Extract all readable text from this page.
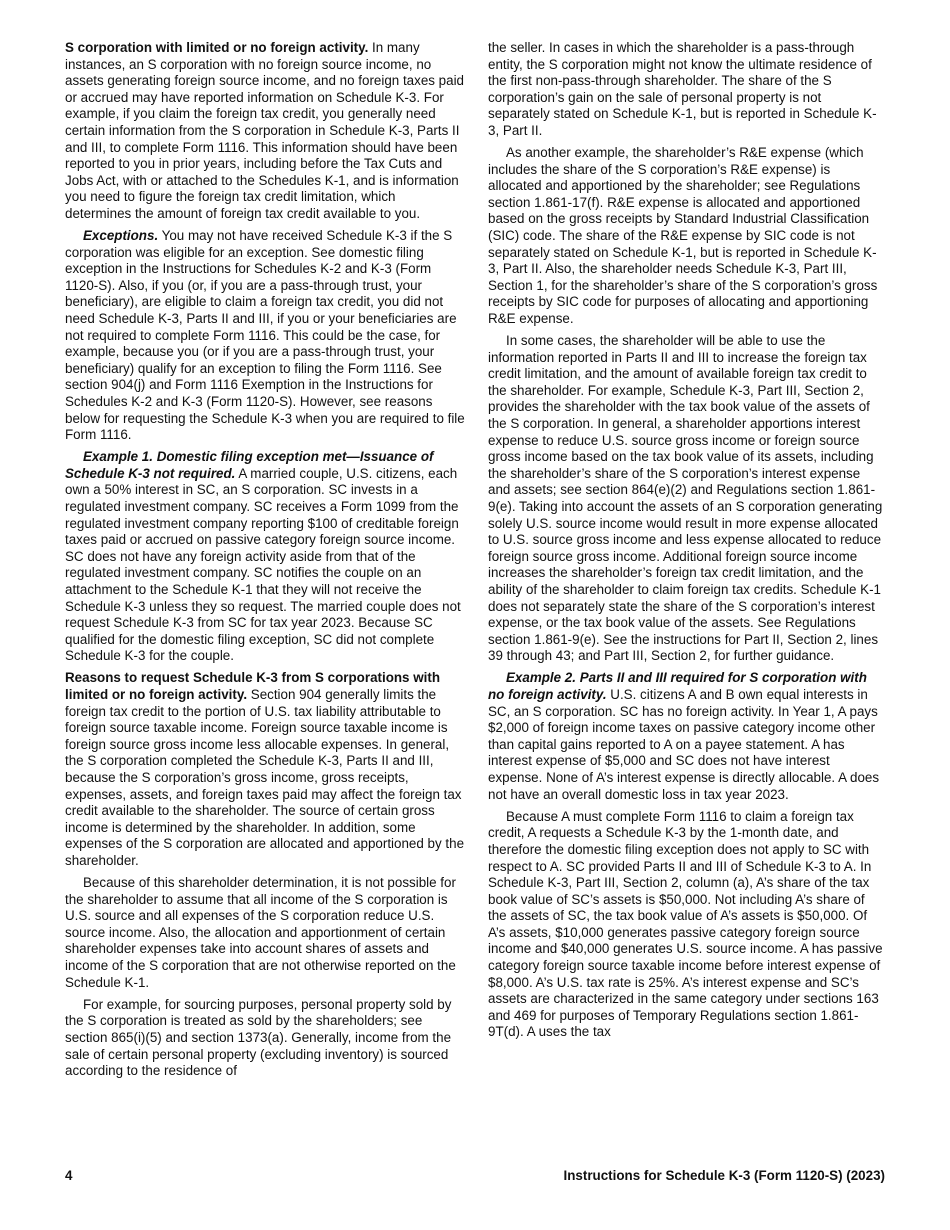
S corporation with limited or no foreign activity. In many instances, an S corporation with no foreign source income, no assets generating foreign source income, and no foreign taxes paid or accrued may have reported information on Schedule K-3. For example, if you claim the foreign tax credit, you generally need certain information from the S corporation in Schedule K-3, Parts II and III, to complete Form 1116. This information should have been reported to you in prior years, including before the Tax Cuts and Jobs Act, with or attached to the Schedules K-1, and is information you need to figure the foreign tax credit limitation, which determines the amount of foreign tax credit available to you.

Exceptions. You may not have received Schedule K-3 if the S corporation was eligible for an exception. See domestic filing exception in the Instructions for Schedules K-2 and K-3 (Form 1120-S). Also, if you (or, if you are a pass-through trust, your beneficiary), are eligible to claim a foreign tax credit, you did not need Schedule K-3, Parts II and III, if you or your beneficiaries are not required to complete Form 1116. This could be the case, for example, because you (or if you are a pass-through trust, your beneficiary) qualify for an exception to filing the Form 1116. See section 904(j) and Form 1116 Exemption in the Instructions for Schedules K-2 and K-3 (Form 1120-S). However, see reasons below for requesting the Schedule K-3 when you are required to file Form 1116.

Example 1. Domestic filing exception met—Issuance of Schedule K-3 not required. A married couple, U.S. citizens, each own a 50% interest in SC, an S corporation. SC invests in a regulated investment company. SC receives a Form 1099 from the regulated investment company reporting $100 of creditable foreign taxes paid or accrued on passive category foreign source income. SC does not have any foreign activity aside from that of the regulated investment company. SC notifies the couple on an attachment to the Schedule K-1 that they will not receive the Schedule K-3 unless they so request. The married couple does not request Schedule K-3 from SC for tax year 2023. Because SC qualified for the domestic filing exception, SC did not complete Schedule K-3 for the couple.

Reasons to request Schedule K-3 from S corporations with limited or no foreign activity. Section 904 generally limits the foreign tax credit to the portion of U.S. tax liability attributable to foreign source taxable income. Foreign source taxable income is foreign source gross income less allocable expenses. In general, the S corporation completed the Schedule K-3, Parts II and III, because the S corporation’s gross income, gross receipts, expenses, assets, and foreign taxes paid may affect the foreign tax credit available to the shareholder. The source of certain gross income is determined by the shareholder. In addition, some expenses of the S corporation are allocated and apportioned by the shareholder.

Because of this shareholder determination, it is not possible for the shareholder to assume that all income of the S corporation is U.S. source and all expenses of the S corporation reduce U.S. source income. Also, the allocation and apportionment of certain shareholder expenses take into account shares of assets and income of the S corporation that are not otherwise reported on the Schedule K-1.

For example, for sourcing purposes, personal property sold by the S corporation is treated as sold by the shareholders; see section 865(i)(5) and section 1373(a). Generally, income from the sale of certain personal property (excluding inventory) is sourced according to the residence of

the seller. In cases in which the shareholder is a pass-through entity, the S corporation might not know the ultimate residence of the first non-pass-through shareholder. The share of the S corporation’s gain on the sale of personal property is not separately stated on Schedule K-1, but is reported in Schedule K-3, Part II.

As another example, the shareholder’s R&E expense (which includes the share of the S corporation’s R&E expense) is allocated and apportioned by the shareholder; see Regulations section 1.861-17(f). R&E expense is allocated and apportioned based on the gross receipts by Standard Industrial Classification (SIC) code. The share of the R&E expense by SIC code is not separately stated on Schedule K-1, but is reported in Schedule K-3, Part II. Also, the shareholder needs Schedule K-3, Part III, Section 1, for the shareholder’s share of the S corporation’s gross receipts by SIC code for purposes of allocating and apportioning R&E expense.

In some cases, the shareholder will be able to use the information reported in Parts II and III to increase the foreign tax credit limitation, and the amount of available foreign tax credit to the shareholder. For example, Schedule K-3, Part III, Section 2, provides the shareholder with the tax book value of the assets of the S corporation. In general, a shareholder apportions interest expense to reduce U.S. source gross income or foreign source gross income based on the tax book value of its assets, including the shareholder’s share of the S corporation’s interest expense and assets; see section 864(e)(2) and Regulations section 1.861-9(e). Taking into account the assets of an S corporation generating solely U.S. source income would result in more expense allocated to U.S. source gross income and less expense allocated to reduce foreign source gross income. Additional foreign source income increases the shareholder’s foreign tax credit limitation, and the ability of the shareholder to claim foreign tax credits. Schedule K-1 does not separately state the share of the S corporation’s interest expense, or the tax book value of the assets. See Regulations section 1.861-9(e). See the instructions for Part II, Section 2, lines 39 through 43; and Part III, Section 2, for further guidance.

Example 2. Parts II and III required for S corporation with no foreign activity. U.S. citizens A and B own equal interests in SC, an S corporation. SC has no foreign activity. In Year 1, A pays $2,000 of foreign income taxes on passive category income other than capital gains reported to A on a payee statement. A has interest expense of $5,000 and SC does not have interest expense. None of A’s interest expense is directly allocable. A does not have an overall domestic loss in tax year 2023.

Because A must complete Form 1116 to claim a foreign tax credit, A requests a Schedule K-3 by the 1-month date, and therefore the domestic filing exception does not apply to SC with respect to A. SC provided Parts II and III of Schedule K-3 to A. In Schedule K-3, Part III, Section 2, column (a), A’s share of the tax book value of SC’s assets is $50,000. Not including A’s share of the assets of SC, the tax book value of A’s assets is $50,000. Of A’s assets, $10,000 generates passive category foreign source income and $40,000 generates U.S. source income. A has passive category foreign source taxable income before interest expense of $8,000. A’s U.S. tax rate is 25%. A’s interest expense and SC’s assets are characterized in the same category under sections 163 and 469 for purposes of Temporary Regulations section 1.861-9T(d). A uses the tax

4	Instructions for Schedule K-3 (Form 1120-S) (2023)
